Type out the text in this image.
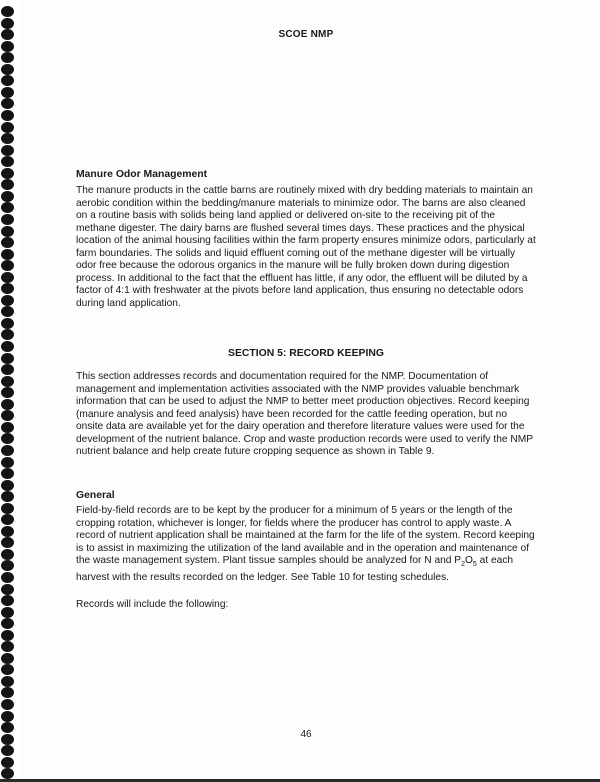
SCOE NMP
Manure Odor Management

The manure products in the cattle barns are routinely mixed with dry bedding materials to maintain an aerobic condition within the bedding/manure materials to minimize odor. The barns are also cleaned on a routine basis with solids being land applied or delivered on-site to the receiving pit of the methane digester. The dairy barns are flushed several times days. These practices and the physical location of the animal housing facilities within the farm property ensures minimize odors, particularly at farm boundaries. The solids and liquid effluent coming out of the methane digester will be virtually odor free because the odorous organics in the manure will be fully broken down during digestion process. In additional to the fact that the effluent has little, if any odor, the effluent will be diluted by a factor of 4:1 with freshwater at the pivots before land application, thus ensuring no detectable odors during land application.

SECTION 5: RECORD KEEPING

This section addresses records and documentation required for the NMP. Documentation of management and implementation activities associated with the NMP provides valuable benchmark information that can be used to adjust the NMP to better meet production objectives. Record keeping (manure analysis and feed analysis) have been recorded for the cattle feeding operation, but no onsite data are available yet for the dairy operation and therefore literature values were used for the development of the nutrient balance. Crop and waste production records were used to verify the NMP nutrient balance and help create future cropping sequence as shown in Table 9.

General

Field-by-field records are to be kept by the producer for a minimum of 5 years or the length of the cropping rotation, whichever is longer, for fields where the producer has control to apply waste. A record of nutrient application shall be maintained at the farm for the life of the system. Record keeping is to assist in maximizing the utilization of the land available and in the operation and maintenance of the waste management system. Plant tissue samples should be analyzed for N and $P_2O_5$ at each harvest with the results recorded on the ledger. See Table 10 for testing schedules.

Records will include the following:

46
